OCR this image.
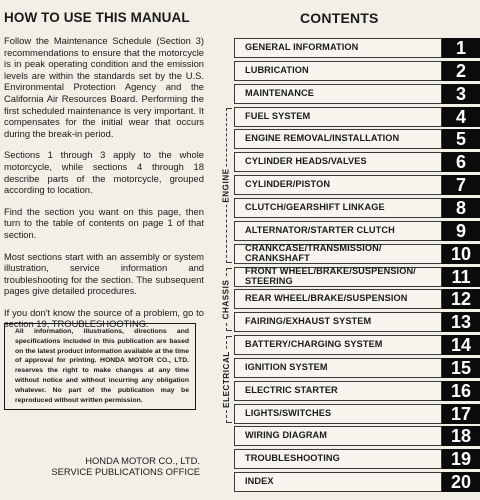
HOW TO USE THIS MANUAL

Follow the Maintenance Schedule (Section 3) recommendations to ensure that the motorcycle is in peak operating condition and the emission levels are within the standards set by the U.S. Environmental Protection Agency and the California Air Resources Board. Performing the first scheduled maintenance is very important. It compensates for the initial wear that occurs during the break-in period.

Sections 1 through 3 apply to the whole motorcycle, while sections 4 through 18 describe parts of the motorcycle, grouped according to location.

Find the section you want on this page, then turn to the table of contents on page 1 of that section.

Most sections start with an assembly or system illustration, service information and troubleshooting for the section. The subsequent pages give detailed procedures.

If you don't know the source of a problem, go to section 19, TROUBLESHOOTING.

All information, illustrations, directions and specifications included in this publication are based on the latest product information available at the time of approval for printing. HONDA MOTOR CO., LTD. reserves the right to make changes at any time without notice and without incurring any obligation whatever. No part of the publication may be reproduced without written permission.
HONDA MOTOR CO., LTD.
SERVICE PUBLICATIONS OFFICE
CONTENTS
GENERAL INFORMATION	1
LUBRICATION	2
MAINTENANCE	3
FUEL SYSTEM	4
ENGINE REMOVAL/INSTALLATION	5
CYLINDER HEADS/VALVES	6
CYLINDER/PISTON	7
CLUTCH/GEARSHIFT LINKAGE	8
ALTERNATOR/STARTER CLUTCH	9
CRANKCASE/TRANSMISSION/
CRANKSHAFT	10
FRONT WHEEL/BRAKE/SUSPENSION/
STEERING	11
REAR WHEEL/BRAKE/SUSPENSION	12
FAIRING/EXHAUST SYSTEM	13
BATTERY/CHARGING SYSTEM	14
IGNITION SYSTEM	15
ELECTRIC STARTER	16
LIGHTS/SWITCHES	17
WIRING DIAGRAM	18
TROUBLESHOOTING	19
INDEX	20
ENGINE
CHASSIS
ELECTRICAL
